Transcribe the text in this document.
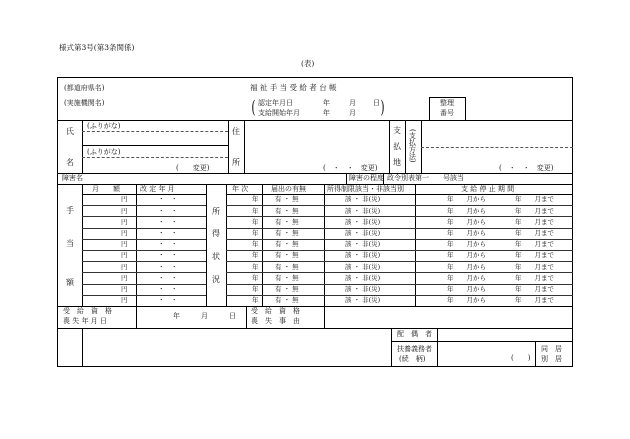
様式第3号(第3条関係)
(表)
(都道府県名)
(実施機関名)
福 祉 手 当 受 給 者 台 帳
( 認定年月日	年	月 日
支給開始年月	年	月 )	整理
番号
氏
名
(ふりがな)
(ふりがな)
(　　変更)
住
所
(　・　・　変更)
支
払
地 (支払方法)
(　・　・　変更)
障害名	障害の程度 政令別表第一　　号該当
月　　額	改 定 年 月	年 次	届出の有無	所得制限該当・非該当別	支 給 停 止 期 間
手
当
額
所
得
状
況
円	・　・	年	有 ・ 無	該 ・ 非(災)	年　　月から	年　　月まで
円	・　・	年	有 ・ 無	該 ・ 非(災)	年　　月から	年　　月まで
円	・　・	年	有 ・ 無	該 ・ 非(災)	年　　月から	年　　月まで
円	・　・	年	有 ・ 無	該 ・ 非(災)	年　　月から	年　　月まで
円	・　・	年	有 ・ 無	該 ・ 非(災)	年　　月から	年　　月まで
円	・　・	年	有 ・ 無	該 ・ 非(災)	年　　月から	年　　月まで
円	・　・	年	有 ・ 無	該 ・ 非(災)	年　　月から	年　　月まで
円	・　・	年	有 ・ 無	該 ・ 非(災)	年　　月から	年　　月まで
円	・　・	年	有 ・ 無	該 ・ 非(災)	年　　月から	年　　月まで
円	・　・	年	有 ・ 無	該 ・ 非(災)	年　　月から	年　　月まで
受　給　資　格
喪 失 年 月 日
年　　　月　　　日
受　給　資　格
喪　失　事　由
配　偶　者
扶養義務者
(続　柄)	(　　)
同　居
別　居
